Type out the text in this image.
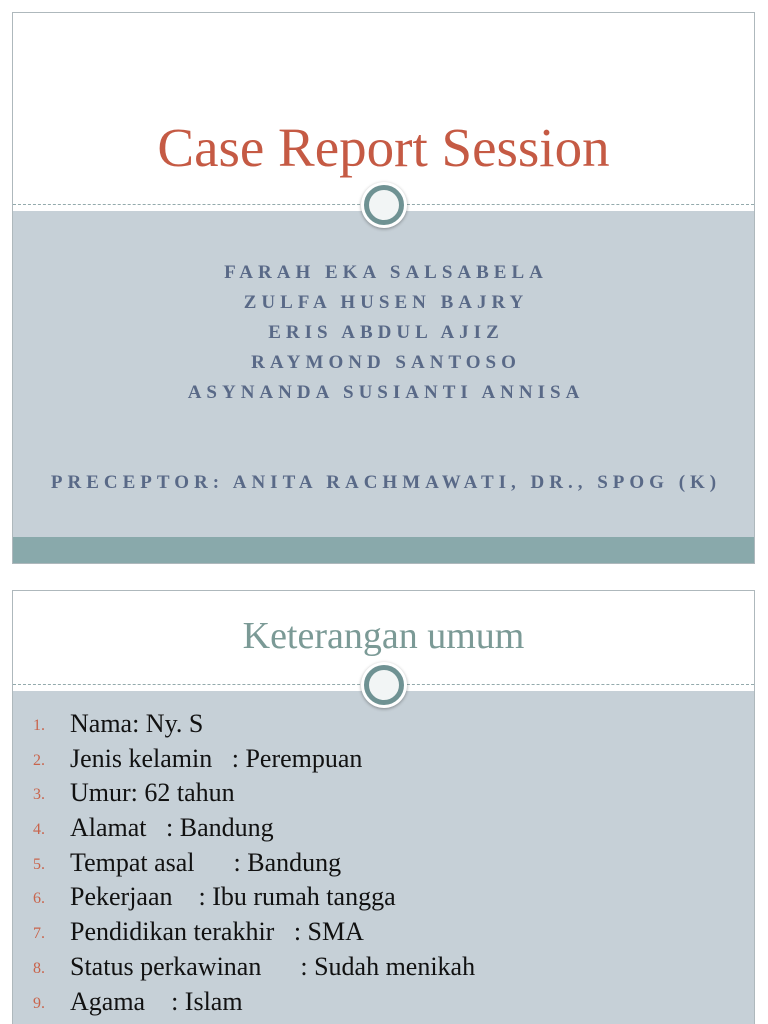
Case Report Session
FARAH EKA SALSABELA
ZULFA HUSEN BAJRY
ERIS ABDUL AJIZ
RAYMOND SANTOSO
ASYNANDA SUSIANTI ANNISA
PRECEPTOR: ANITA RACHMAWATI, DR., SPOG (K)
Keterangan umum

1.

Nama: Ny. S

2.

Jenis kelamin   : Perempuan

3.

Umur: 62 tahun

4.

Alamat   : Bandung

5.

Tempat asal      : Bandung

6.

Pekerjaan    : Ibu rumah tangga

7.

Pendidikan terakhir   : SMA

8.

Status perkawinan      : Sudah menikah

9.

Agama    : Islam
